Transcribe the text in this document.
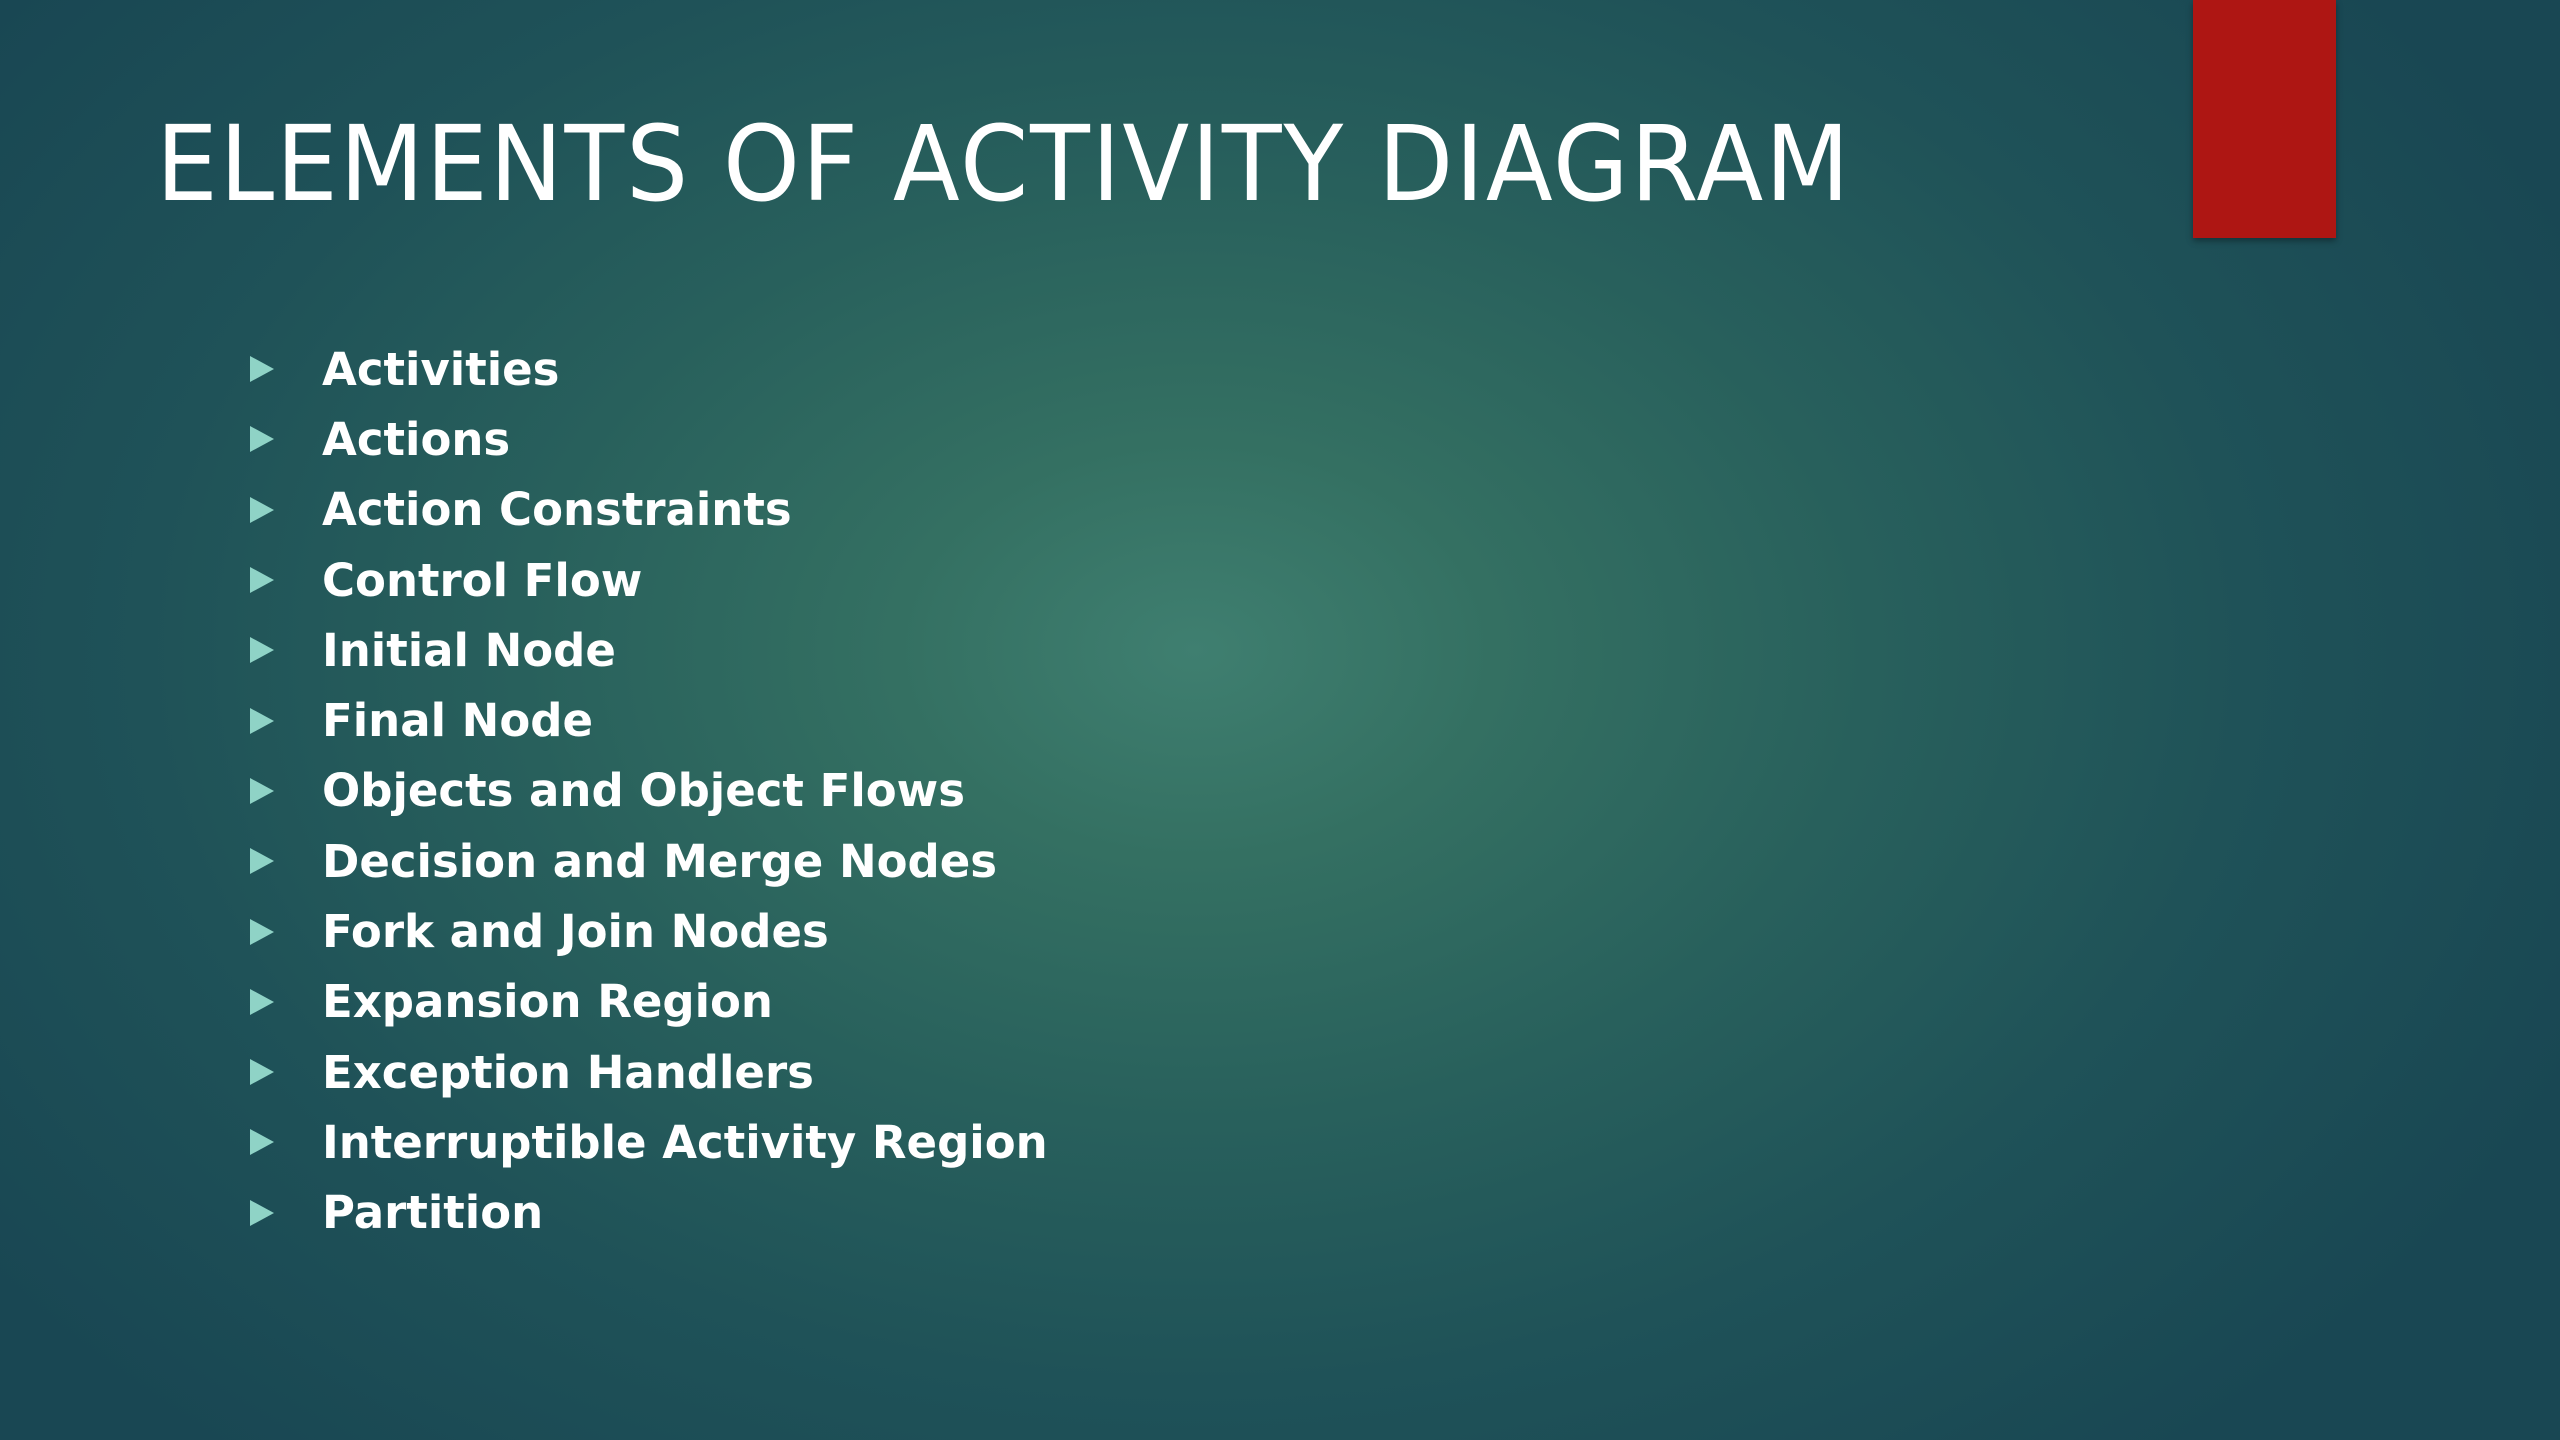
ELEMENTS OF ACTIVITY DIAGRAM
Activities
Actions
Action Constraints
Control Flow
Initial Node
Final Node
Objects and Object Flows
Decision and Merge Nodes
Fork and Join Nodes
Expansion Region
Exception Handlers
Interruptible Activity Region
Partition
